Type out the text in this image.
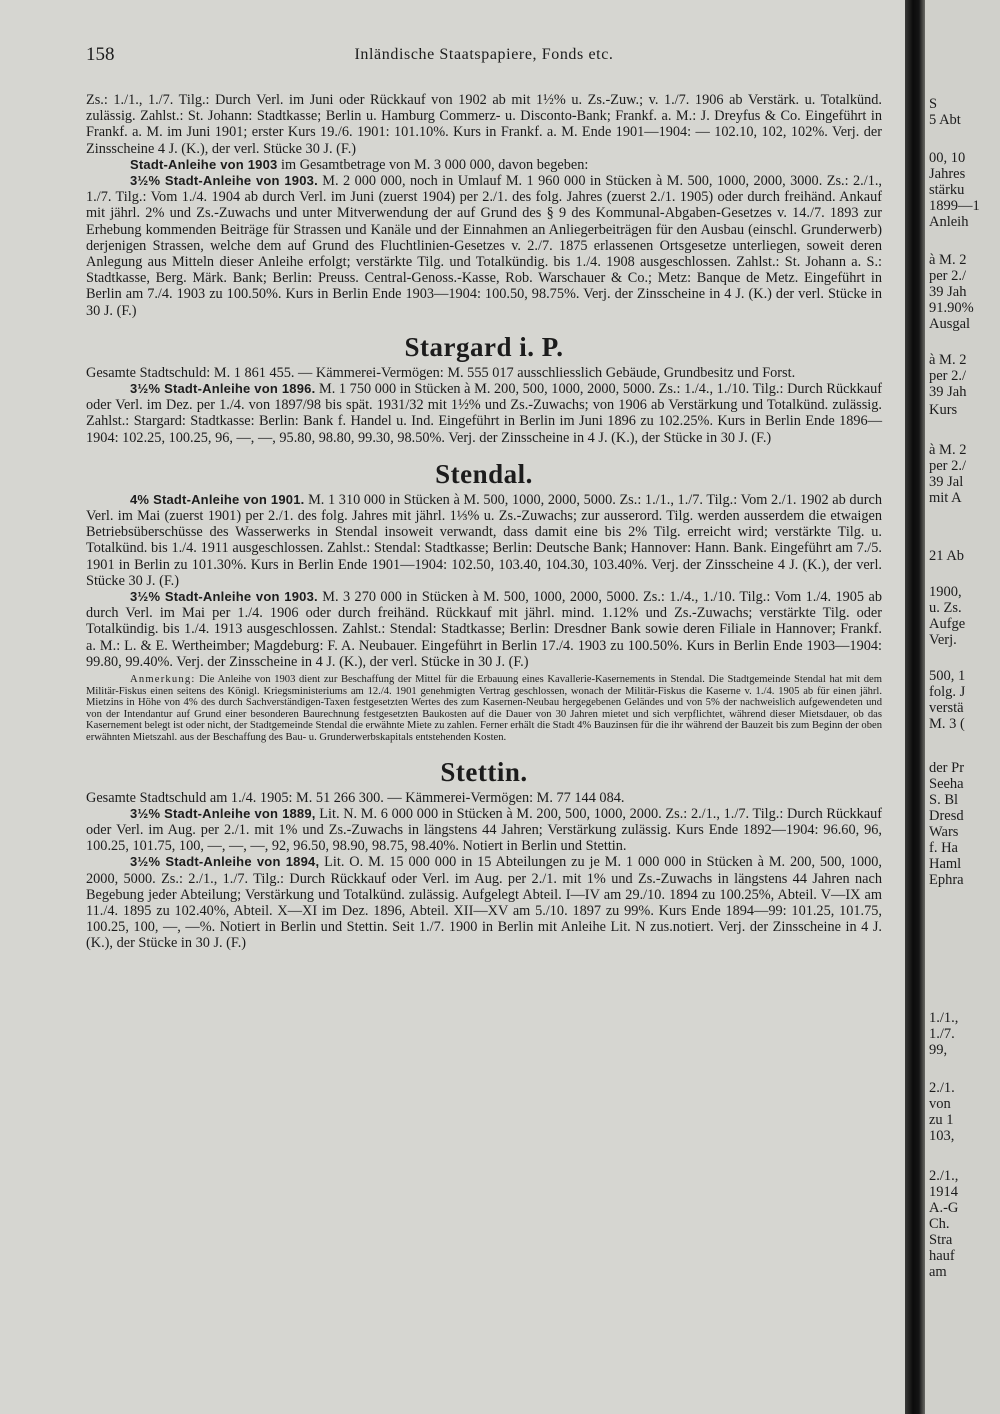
158	Inländische Staatspapiere, Fonds etc.

Zs.: 1./1., 1./7. Tilg.: Durch Verl. im Juni oder Rückkauf von 1902 ab mit 1½% u. Zs.-Zuw.; v. 1./7. 1906 ab Verstärk. u. Totalkünd. zulässig. Zahlst.: St. Johann: Stadtkasse; Berlin u. Hamburg Commerz- u. Disconto-Bank; Frankf. a. M.: J. Dreyfus & Co. Eingeführt in Frankf. a. M. im Juni 1901; erster Kurs 19./6. 1901: 101.10%. Kurs in Frankf. a. M. Ende 1901—1904: — 102.10, 102, 102%. Verj. der Zinsscheine 4 J. (K.), der verl. Stücke 30 J. (F.)

Stadt-Anleihe von 1903 im Gesamtbetrage von M. 3 000 000, davon begeben:

3½% Stadt-Anleihe von 1903. M. 2 000 000, noch in Umlauf M. 1 960 000 in Stücken à M. 500, 1000, 2000, 3000. Zs.: 2./1., 1./7. Tilg.: Vom 1./4. 1904 ab durch Verl. im Juni (zuerst 1904) per 2./1. des folg. Jahres (zuerst 2./1. 1905) oder durch freihänd. Ankauf mit jährl. 2% und Zs.-Zuwachs und unter Mitverwendung der auf Grund des § 9 des Kommunal-Abgaben-Gesetzes v. 14./7. 1893 zur Erhebung kommenden Beiträge für Strassen und Kanäle und der Einnahmen an Anliegerbeiträgen für den Ausbau (einschl. Grunderwerb) derjenigen Strassen, welche dem auf Grund des Fluchtlinien-Gesetzes v. 2./7. 1875 erlassenen Ortsgesetze unterliegen, soweit deren Anlegung aus Mitteln dieser Anleihe erfolgt; verstärkte Tilg. und Totalkündig. bis 1./4. 1908 ausgeschlossen. Zahlst.: St. Johann a. S.: Stadtkasse, Berg. Märk. Bank; Berlin: Preuss. Central-Genoss.-Kasse, Rob. Warschauer & Co.; Metz: Banque de Metz. Eingeführt in Berlin am 7./4. 1903 zu 100.50%. Kurs in Berlin Ende 1903—1904: 100.50, 98.75%. Verj. der Zinsscheine in 4 J. (K.) der verl. Stücke in 30 J. (F.)

Stargard i. P.

Gesamte Stadtschuld: M. 1 861 455. — Kämmerei-Vermögen: M. 555 017 ausschliesslich Gebäude, Grundbesitz und Forst.

3½% Stadt-Anleihe von 1896. M. 1 750 000 in Stücken à M. 200, 500, 1000, 2000, 5000. Zs.: 1./4., 1./10. Tilg.: Durch Rückkauf oder Verl. im Dez. per 1./4. von 1897/98 bis spät. 1931/32 mit 1½% und Zs.-Zuwachs; von 1906 ab Verstärkung und Totalkünd. zulässig. Zahlst.: Stargard: Stadtkasse: Berlin: Bank f. Handel u. Ind. Eingeführt in Berlin im Juni 1896 zu 102.25%. Kurs in Berlin Ende 1896—1904: 102.25, 100.25, 96, —, —, 95.80, 98.80, 99.30, 98.50%. Verj. der Zinsscheine in 4 J. (K.), der Stücke in 30 J. (F.)

Stendal.

4% Stadt-Anleihe von 1901. M. 1 310 000 in Stücken à M. 500, 1000, 2000, 5000. Zs.: 1./1., 1./7. Tilg.: Vom 2./1. 1902 ab durch Verl. im Mai (zuerst 1901) per 2./1. des folg. Jahres mit jährl. 1⅓% u. Zs.-Zuwachs; zur ausserord. Tilg. werden ausserdem die etwaigen Betriebsüberschüsse des Wasserwerks in Stendal insoweit verwandt, dass damit eine bis 2% Tilg. erreicht wird; verstärkte Tilg. u. Totalkünd. bis 1./4. 1911 ausgeschlossen. Zahlst.: Stendal: Stadtkasse; Berlin: Deutsche Bank; Hannover: Hann. Bank. Eingeführt am 7./5. 1901 in Berlin zu 101.30%. Kurs in Berlin Ende 1901—1904: 102.50, 103.40, 104.30, 103.40%. Verj. der Zinsscheine 4 J. (K.), der verl. Stücke 30 J. (F.)

3½% Stadt-Anleihe von 1903. M. 3 270 000 in Stücken à M. 500, 1000, 2000, 5000. Zs.: 1./4., 1./10. Tilg.: Vom 1./4. 1905 ab durch Verl. im Mai per 1./4. 1906 oder durch freihänd. Rückkauf mit jährl. mind. 1.12% und Zs.-Zuwachs; verstärkte Tilg. oder Totalkündig. bis 1./4. 1913 ausgeschlossen. Zahlst.: Stendal: Stadtkasse; Berlin: Dresdner Bank sowie deren Filiale in Hannover; Frankf. a. M.: L. & E. Wertheimber; Magdeburg: F. A. Neubauer. Eingeführt in Berlin 17./4. 1903 zu 100.50%. Kurs in Berlin Ende 1903—1904: 99.80, 99.40%. Verj. der Zinsscheine in 4 J. (K.), der verl. Stücke in 30 J. (F.)

Anmerkung: Die Anleihe von 1903 dient zur Beschaffung der Mittel für die Erbauung eines Kavallerie-Kasernements in Stendal. Die Stadtgemeinde Stendal hat mit dem Militär-Fiskus einen seitens des Königl. Kriegsministeriums am 12./4. 1901 genehmigten Vertrag geschlossen, wonach der Militär-Fiskus die Kaserne v. 1./4. 1905 ab für einen jährl. Mietzins in Höhe von 4% des durch Sachverständigen-Taxen festgesetzten Wertes des zum Kasernen-Neubau hergegebenen Geländes und von 5% der nachweislich aufgewendeten und von der Intendantur auf Grund einer besonderen Baurechnung festgesetzten Baukosten auf die Dauer von 30 Jahren mietet und sich verpflichtet, während dieser Mietsdauer, ob das Kasernement belegt ist oder nicht, der Stadtgemeinde Stendal die erwähnte Miete zu zahlen. Ferner erhält die Stadt 4% Bauzinsen für die ihr während der Bauzeit bis zum Beginn der oben erwähnten Mietszahl. aus der Beschaffung des Bau- u. Grunderwerbskapitals entstehenden Kosten.

Stettin.

Gesamte Stadtschuld am 1./4. 1905: M. 51 266 300. — Kämmerei-Vermögen: M. 77 144 084.

3½% Stadt-Anleihe von 1889, Lit. N. M. 6 000 000 in Stücken à M. 200, 500, 1000, 2000. Zs.: 2./1., 1./7. Tilg.: Durch Rückkauf oder Verl. im Aug. per 2./1. mit 1% und Zs.-Zuwachs in längstens 44 Jahren; Verstärkung zulässig. Kurs Ende 1892—1904: 96.60, 96, 100.25, 101.75, 100, —, —, —, 92, 96.50, 98.90, 98.75, 98.40%. Notiert in Berlin und Stettin.

3½% Stadt-Anleihe von 1894, Lit. O. M. 15 000 000 in 15 Abteilungen zu je M. 1 000 000 in Stücken à M. 200, 500, 1000, 2000, 5000. Zs.: 2./1., 1./7. Tilg.: Durch Rückkauf oder Verl. im Aug. per 2./1. mit 1% und Zs.-Zuwachs in längstens 44 Jahren nach Begebung jeder Abteilung; Verstärkung und Totalkünd. zulässig. Aufgelegt Abteil. I—IV am 29./10. 1894 zu 100.25%, Abteil. V—IX am 11./4. 1895 zu 102.40%, Abteil. X—XI im Dez. 1896, Abteil. XII—XV am 5./10. 1897 zu 99%. Kurs Ende 1894—99: 101.25, 101.75, 100.25, 100, —, —%. Notiert in Berlin und Stettin. Seit 1./7. 1900 in Berlin mit Anleihe Lit. N zus.notiert. Verj. der Zinsscheine in 4 J. (K.), der Stücke in 30 J. (F.)

S
5 Abt
00, 10
Jahres
stärku
1899—1
Anleih
à M. 2
per 2./
39 Jah
91.90%
Ausgal
à M. 2
per 2./
39 Jah
Kurs
à M. 2
per 2./
39 Jal
mit A
21 Ab
1900,
u. Zs.
Aufge
Verj.
500, 1
folg. J
verstä
M. 3 (
der Pr
Seeha
S. Bl
Dresd
Wars
f. Ha
Haml
Ephra
1./1.,
1./7.
99,
2./1.
von
zu 1
103,
2./1.,
1914
A.-G
Ch.
Stra
hauf
am
